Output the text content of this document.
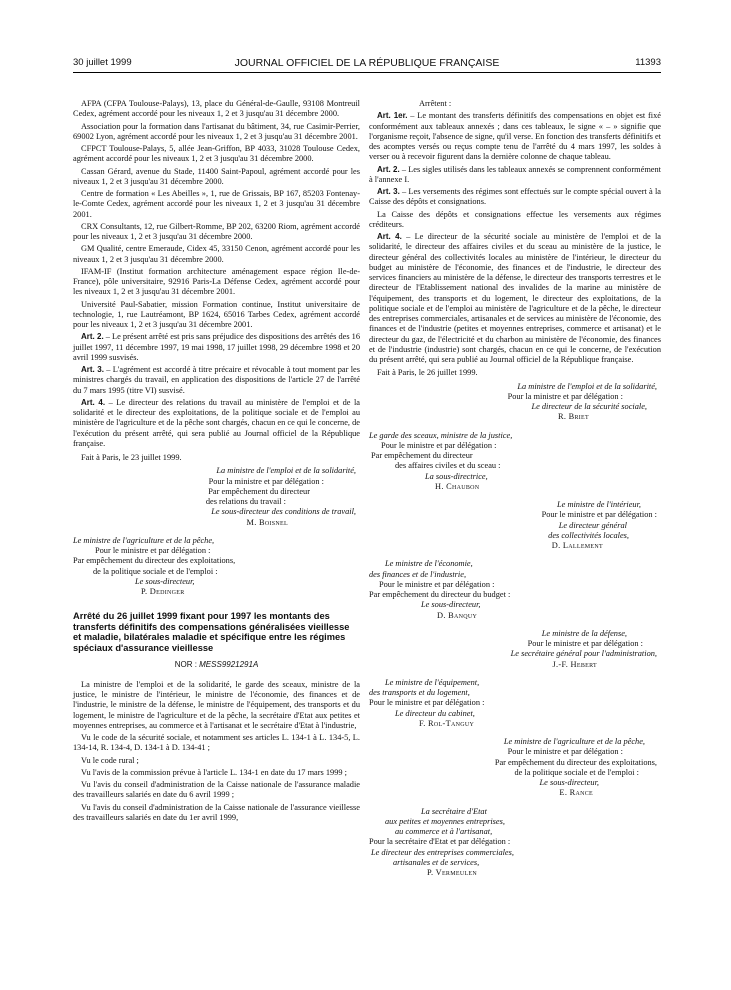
30 juillet 1999	JOURNAL OFFICIEL DE LA RÉPUBLIQUE FRANÇAISE	11393

AFPA (CFPA Toulouse-Palays), 13, place du Général-de-Gaulle, 93108 Montreuil Cedex, agrément accordé pour les niveaux 1, 2 et 3 jusqu'au 31 décembre 2000.

Association pour la formation dans l'artisanat du bâtiment, 34, rue Casimir-Perrier, 69002 Lyon, agrément accordé pour les niveaux 1, 2 et 3 jusqu'au 31 décembre 2001.

CFPCT Toulouse-Palays, 5, allée Jean-Griffon, BP 4033, 31028 Toulouse Cedex, agrément accordé pour les niveaux 1, 2 et 3 jusqu'au 31 décembre 2000.

Cassan Gérard, avenue du Stade, 11400 Saint-Papoul, agrément accordé pour les niveaux 1, 2 et 3 jusqu'au 31 décembre 2000.

Centre de formation « Les Abeilles », 1, rue de Grissais, BP 167, 85203 Fontenay-le-Comte Cedex, agrément accordé pour les niveaux 1, 2 et 3 jusqu'au 31 décembre 2001.

CRX Consultants, 12, rue Gilbert-Romme, BP 202, 63200 Riom, agrément accordé pour les niveaux 1, 2 et 3 jusqu'au 31 décembre 2000.

GM Qualité, centre Emeraude, Cidex 45, 33150 Cenon, agrément accordé pour les niveaux 1, 2 et 3 jusqu'au 31 décembre 2000.

IFAM-IF (Institut formation architecture aménagement espace région Ile-de-France), pôle universitaire, 92916 Paris-La Défense Cedex, agrément accordé pour les niveaux 1, 2 et 3 jusqu'au 31 décembre 2001.

Université Paul-Sabatier, mission Formation continue, Institut universitaire de technologie, 1, rue Lautréamont, BP 1624, 65016 Tarbes Cedex, agrément accordé pour les niveaux 1, 2 et 3 jusqu'au 31 décembre 2001.

Art. 2. – Le présent arrêté est pris sans préjudice des dispositions des arrêtés des 16 juillet 1997, 11 décembre 1997, 19 mai 1998, 17 juillet 1998, 29 décembre 1998 et 20 avril 1999 susvisés.

Art. 3. – L'agrément est accordé à titre précaire et révocable à tout moment par les ministres chargés du travail, en application des dispositions de l'article 27 de l'arrêté du 7 mars 1995 (titre VI) susvisé.

Art. 4. – Le directeur des relations du travail au ministère de l'emploi et de la solidarité et le directeur des exploitations, de la politique sociale et de l'emploi au ministère de l'agriculture et de la pêche sont chargés, chacun en ce qui le concerne, de l'exécution du présent arrêté, qui sera publié au Journal officiel de la République française.

Fait à Paris, le 23 juillet 1999.

La ministre de l'emploi et de la solidarité,
Pour la ministre et par délégation :
Par empêchement du directeur
des relations du travail :
Le sous-directeur des conditions de travail,
M. Boisnel
Le ministre de l'agriculture et de la pêche,
Pour le ministre et par délégation :
Par empêchement du directeur des exploitations,
de la politique sociale et de l'emploi :
Le sous-directeur,
P. Dedinger
Arrêté du 26 juillet 1999 fixant pour 1997 les montants des transferts définitifs des compensations généralisées vieillesse et maladie, bilatérales maladie et spécifique entre les régimes spéciaux d'assurance vieillesse
NOR : MESS9921291A

La ministre de l'emploi et de la solidarité, le garde des sceaux, ministre de la justice, le ministre de l'intérieur, le ministre de l'économie, des finances et de l'industrie, le ministre de la défense, le ministre de l'équipement, des transports et du logement, le ministre de l'agriculture et de la pêche, la secrétaire d'Etat aux petites et moyennes entreprises, au commerce et à l'artisanat et le secrétaire d'Etat à l'industrie,

Vu le code de la sécurité sociale, et notamment ses articles L. 134-1 à L. 134-5, L. 134-14, R. 134-4, D. 134-1 à D. 134-41 ;

Vu le code rural ;

Vu l'avis de la commission prévue à l'article L. 134-1 en date du 17 mars 1999 ;

Vu l'avis du conseil d'administration de la Caisse nationale de l'assurance maladie des travailleurs salariés en date du 6 avril 1999 ;

Vu l'avis du conseil d'administration de la Caisse nationale de l'assurance vieillesse des travailleurs salariés en date du 1er avril 1999,

Arrêtent :

Art. 1er. – Le montant des transferts définitifs des compensations en objet est fixé conformément aux tableaux annexés ; dans ces tableaux, le signe « – » signifie que l'organisme reçoit, l'absence de signe, qu'il verse. En fonction des transferts définitifs et des acomptes versés ou reçus compte tenu de l'arrêté du 4 mars 1997, les soldes à verser ou à recevoir figurent dans la dernière colonne de chaque tableau.

Art. 2. – Les sigles utilisés dans les tableaux annexés se comprennent conformément à l'annexe I.

Art. 3. – Les versements des régimes sont effectués sur le compte spécial ouvert à la Caisse des dépôts et consignations.

La Caisse des dépôts et consignations effectue les versements aux régimes créditeurs.

Art. 4. – Le directeur de la sécurité sociale au ministère de l'emploi et de la solidarité, le directeur des affaires civiles et du sceau au ministère de la justice, le directeur général des collectivités locales au ministère de l'intérieur, le directeur du budget au ministère de l'économie, des finances et de l'industrie, le directeur des services financiers au ministère de la défense, le directeur des transports terrestres et le directeur de l'Etablissement national des invalides de la marine au ministère de l'équipement, des transports et du logement, le directeur des exploitations, de la politique sociale et de l'emploi au ministère de l'agriculture et de la pêche, le directeur des entreprises commerciales, artisanales et de services au ministère de l'économie, des finances et de l'industrie (petites et moyennes entreprises, commerce et artisanat) et le directeur du gaz, de l'électricité et du charbon au ministère de l'économie, des finances et de l'industrie (industrie) sont chargés, chacun en ce qui le concerne, de l'exécution du présent arrêté, qui sera publié au Journal officiel de la République française.

Fait à Paris, le 26 juillet 1999.

La ministre de l'emploi et de la solidarité,
Pour la ministre et par délégation :
Le directeur de la sécurité sociale,
R. Briet
Le garde des sceaux, ministre de la justice,
Pour le ministre et par délégation :
Par empêchement du directeur
des affaires civiles et du sceau :
La sous-directrice,
H. Chaubon
Le ministre de l'intérieur,
Pour le ministre et par délégation :
Le directeur général
des collectivités locales,
D. Lallement
Le ministre de l'économie,
des finances et de l'industrie,
Pour le ministre et par délégation :
Par empêchement du directeur du budget :
Le sous-directeur,
D. Banquy
Le ministre de la défense,
Pour le ministre et par délégation :
Le secrétaire général pour l'administration,
J.-F. Hebert
Le ministre de l'équipement,
des transports et du logement,
Pour le ministre et par délégation :
Le directeur du cabinet,
F. Rol-Tanguy
Le ministre de l'agriculture et de la pêche,
Pour le ministre et par délégation :
Par empêchement du directeur des exploitations,
de la politique sociale et de l'emploi :
Le sous-directeur,
E. Rance
La secrétaire d'Etat
aux petites et moyennes entreprises,
au commerce et à l'artisanat,
Pour la secrétaire d'Etat et par délégation :
Le directeur des entreprises commerciales,
artisanales et de services,
P. Vermeulen
